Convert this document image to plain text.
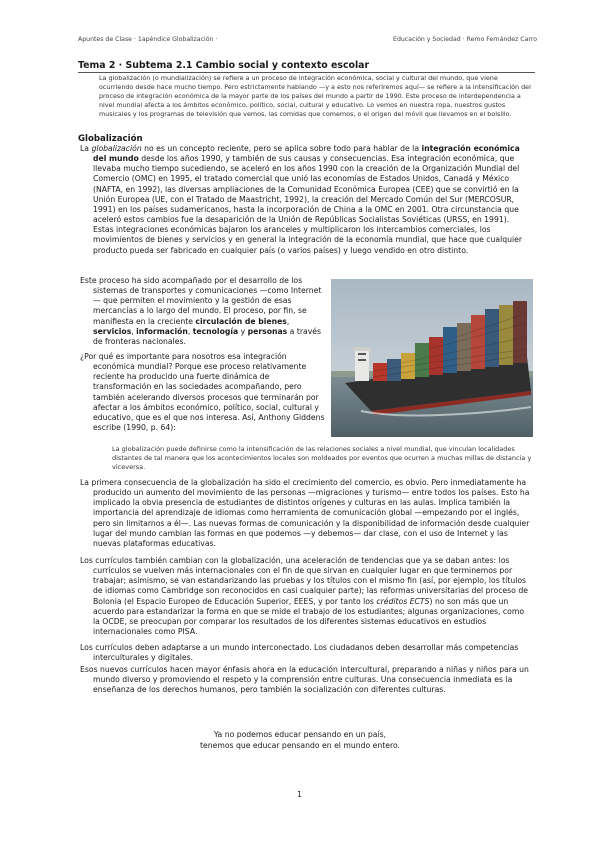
Apuntes de Clase · 1apéndice Globalización ·	Educación y Sociedad · Remo Fernández Carro
Tema 2 · Subtema 2.1 Cambio social y contexto escolar

La globalización (o mundialización) se refiere a un proceso de integración económica, social y cultural del mundo, que viene ocurriendo desde hace mucho tiempo. Pero estrictamente hablando —y a esto nos referiremos aquí— se refiere a la intensificación del proceso de integración económica de la mayor parte de los países del mundo a partir de 1990. Este proceso de interdependencia a nivel mundial afecta a los ámbitos económico, político, social, cultural y educativo. Lo vemos en nuestra ropa, nuestros gustos musicales y los programas de televisión que vemos, las comidas que comemos, o el origen del móvil que llevamos en el bolsillo.

Globalización

La globalización no es un concepto reciente, pero se aplica sobre todo para hablar de la integración económica del mundo desde los años 1990, y también de sus causas y consecuencias. Esa integración económica, que llevaba mucho tiempo sucediendo, se aceleró en los años 1990 con la creación de la Organización Mundial del Comercio (OMC) en 1995, el tratado comercial que unió las economías de Estados Unidos, Canadá y México (NAFTA, en 1992), las diversas ampliaciones de la Comunidad Económica Europea (CEE) que se convirtió en la Unión Europea (UE, con el Tratado de Maastricht, 1992), la creación del Mercado Común del Sur (MERCOSUR, 1991) en los países sudamericanos, hasta la incorporación de China a la OMC en 2001. Otra circunstancia que aceleró estos cambios fue la desaparición de la Unión de Repúblicas Socialistas Soviéticas (URSS, en 1991). Estas integraciones económicas bajaron los aranceles y multiplicaron los intercambios comerciales, los movimientos de bienes y servicios y en general la integración de la economía mundial, que hace que cualquier producto pueda ser fabricado en cualquier país (o varios países) y luego vendido en otro distinto.

Este proceso ha sido acompañado por el desarrollo de los sistemas de transportes y comunicaciones —como Internet— que permiten el movimiento y la gestión de esas mercancías a lo largo del mundo. El proceso, por fin, se manifiesta en la creciente circulación de bienes, servicios, información, tecnología y personas a través de fronteras nacionales.

¿Por qué es importante para nosotros esa integración económica mundial? Porque ese proceso relativamente reciente ha producido una fuerte dinámica de transformación en las sociedades acompañando, pero también acelerando diversos procesos que terminarán por afectar a los ámbitos económico, político, social, cultural y educativo, que es el que nos interesa. Así, Anthony Giddens escribe (1990, p. 64):

La globalización puede definirse como la intensificación de las relaciones sociales a nivel mundial, que vinculan localidades distantes de tal manera que los acontecimientos locales son moldeados por eventos que ocurren a muchas millas de distancia y viceversa.

La primera consecuencia de la globalización ha sido el crecimiento del comercio, es obvio. Pero inmediatamente ha producido un aumento del movimiento de las personas —migraciones y turismo— entre todos los países. Esto ha implicado la obvia presencia de estudiantes de distintos orígenes y culturas en las aulas. Implica también la importancia del aprendizaje de idiomas como herramienta de comunicación global —empezando por el inglés, pero sin limitarnos a él—. Las nuevas formas de comunicación y la disponibilidad de información desde cualquier lugar del mundo cambian las formas en que podemos —y debemos— dar clase, con el uso de Internet y las nuevas plataformas educativas.

Los currículos también cambian con la globalización, una aceleración de tendencias que ya se daban antes: los currículos se vuelven más internacionales con el fin de que sirvan en cualquier lugar en que terminemos por trabajar; asimismo, se van estandarizando las pruebas y los títulos con el mismo fin (así, por ejemplo, los títulos de idiomas como Cambridge son reconocidos en casi cualquier parte); las reformas universitarias del proceso de Bolonia (el Espacio Europeo de Educación Superior, EEES, y por tanto los créditos ECTS) no son más que un acuerdo para estandarizar la forma en que se mide el trabajo de los estudiantes; algunas organizaciones, como la OCDE, se preocupan por comparar los resultados de los diferentes sistemas educativos en estudios internacionales como PISA.

Los currículos deben adaptarse a un mundo interconectado. Los ciudadanos deben desarrollar más competencias interculturales y digitales.

Esos nuevos currículos hacen mayor énfasis ahora en la educación intercultural, preparando a niñas y niños para un mundo diverso y promoviendo el respeto y la comprensión entre culturas. Una consecuencia inmediata es la enseñanza de los derechos humanos, pero también la socialización con diferentes culturas.

Ya no podemos educar pensando en un país,
tenemos que educar pensando en el mundo entero.
1
